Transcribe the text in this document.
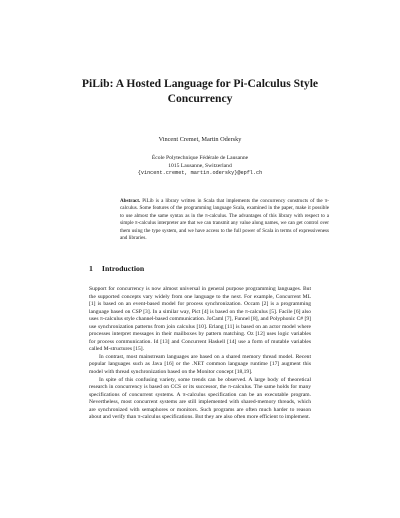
PiLib: A Hosted Language for Pi-Calculus Style
Concurrency
Vincent Cremet, Martin Odersky
École Polytechnique Fédérale de Lausanne
1015 Lausanne, Switzerland
{vincent.cremet, martin.odersky}@epfl.ch

Abstract. PiLib is a library written in Scala that implements the concurrency constructs of the π-calculus. Some features of the programming language Scala, examined in the paper, make it possible to use almost the same syntax as in the π-calculus. The advantages of this library with respect to a simple π-calculus interpreter are that we can transmit any value along names, we can get control over them using the type system, and we have access to the full power of Scala in terms of expressiveness and libraries.

1 Introduction

Support for concurrency is now almost universal in general purpose programming languages. But the supported concepts vary widely from one language to the next. For example, Concurrent ML [1] is based on an event-based model for process synchronization. Occam [2] is a programming language based on CSP [3]. In a similar way, Pict [4] is based on the π-calculus [5]. Facile [6] also uses π-calculus style channel-based communication. JoCaml [7], Funnel [8], and Polyphonic C# [9] use synchronization patterns from join calculus [10]. Erlang [11] is based on an actor model where processes interpret messages in their mailboxes by pattern matching. Oz [12] uses logic variables for process communication. Id [13] and Concurrent Haskell [14] use a form of mutable variables called M-structures [15].

In contrast, most mainstream languages are based on a shared memory thread model. Recent popular languages such as Java [16] or the .NET common language runtime [17] augment this model with thread synchronization based on the Monitor concept [18,19].

In spite of this confusing variety, some trends can be observed. A large body of theoretical research in concurrency is based on CCS or its successor, the π-calculus. The same holds for many specifications of concurrent systems. A π-calculus specification can be an executable program. Nevertheless, most concurrent systems are still implemented with shared-memory threads, which are synchronized with semaphores or monitors. Such programs are often much harder to reason about and verify than π-calculus specifications. But they are also often more efficient to implement.
